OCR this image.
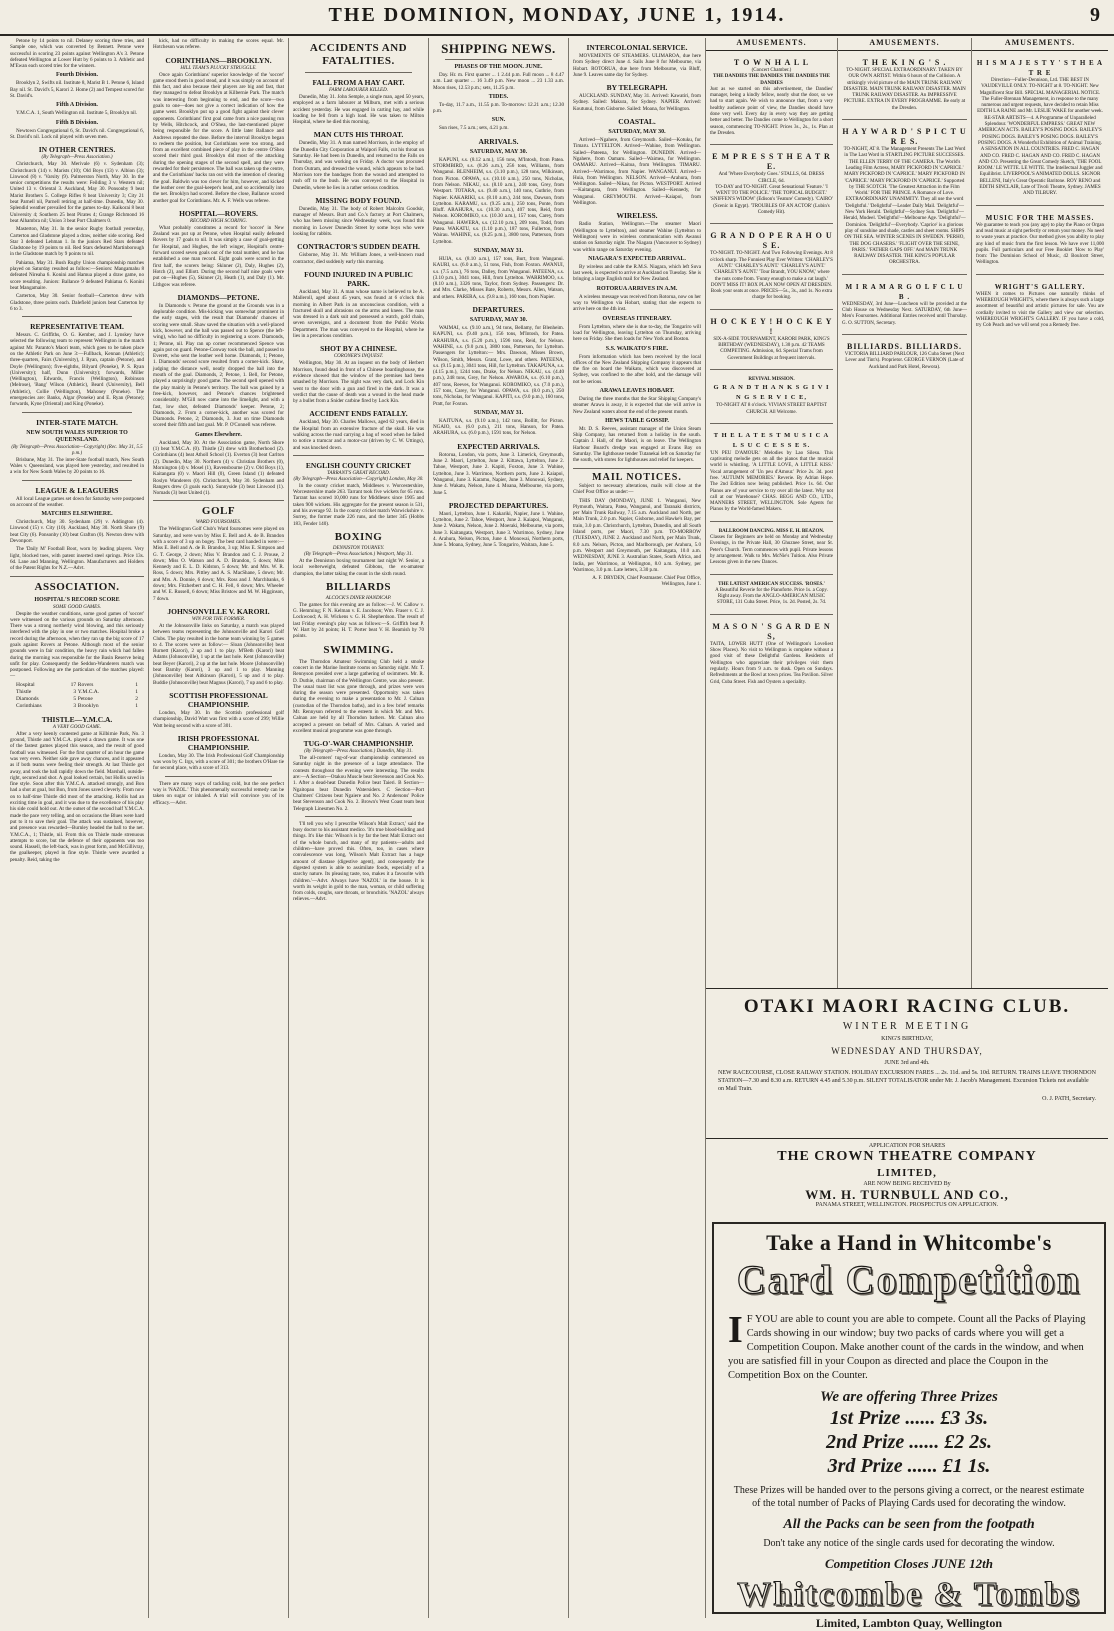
THE DOMINION, MONDAY, JUNE 1, 1914.	9
Petone by 14 points to nil. Delaney scoring three tries, and Sample one, which was converted by Bennett. Petone were successful in scoring 23 points against Wellington A's 3. Petone defeated Wellington at Lower Hutt by 6 points to 3. Athletic and M'Ewan each scored tries for the winners.
Fourth Division.
Brooklyn 2, Swifts nil. Institute 8, Marist B 1. Petone 6, Island Bay nil. St. David's 5, Karori 2. Home (2) and Tempest scored for St. David's.
Fifth A Division.
Y.M.C.A. 1, South Wellington nil. Institute 5, Brooklyn nil.
Fifth B Division.
Newtown Congregational 6, St. David's nil. Congregational 6, St. David's nil. Lock nil played with seven men.
IN OTHER CENTRES.
(By Telegraph—Press Association.)
Christchurch, May 30. Merivale (6) v. Sydenham (3); Christchurch (14) v. Marists (10); Old Boys (13) v. Albion (3); Linwood (8) v. 'Varsity (9). Palmerston North, May 30. In the senior competitions the results were: Feilding 3 v. Western nil; United 13 v. Oriental 3. Auckland, May 30. Ponsonby 9 beat Marist Brothers 5. College Rifles 8 beat University 3; City 21 beat Parnell nil, Parnell retiring at half-time. Dunedin, May 30. Splendid weather prevailed for the games to-day. Kaikorai 8 beat University 4; Southern 25 beat Pirates 4; Grange Richmond 16 beat Alhambra nil; Union 3 beat Port Chalmers 0.
Masterton, May 31. In the senior Rugby football yesterday, Carterton and Gladstone played a draw, neither side scoring. Red Star 3 defeated Lehman 1. In the juniors Red Stars defeated Gladstone by 19 points to nil. Red Stars defeated Martinborough in the Gladstone match by 9 points to nil.
Pahiatua, May 31. Bush Rugby Union championship matches played on Saturday resulted as follow:—Seniors: Mangamahu 8 defeated Nireaha 6. Konini and Hamua played a draw game, no score resulting. Juniors: Ballance 9 defeated Pahiatua 6. Konini beat Mangamaire.
Carterton, May 30. Senior football—Carterton drew with Gladstone, three points each. Dalefield juniors beat Carterton by 6 to 3.
REPRESENTATIVE TEAM.
Messrs. C. Griffiths, O. G. Kember, and J. Lynskey have selected the following team to represent Wellington in the match against Mr. Paranto's Maori team, which goes to be taken place on the Athletic Park on June 3:—Fullback, Kennan (Athletic); three-quarters, Fairs (University), J. Ryan, captain (Petone), and Doyle (Wellington); five-eighths, Bilyard (Poneke), P. S. Ryan (University); half, Dunn (University); forwards, Miller (Wellington), Edwards, Francis (Wellington), Robinson (Melrose), 'Bang' Wilson (Athletic), Beard (University), Bell (Athletic), Collie (Wellington), Mahoney (Poneke). The emergencies are: Banks, Algar (Poneke) and E. Ryan (Petone); forwards, Kyne (Oriental) and King (Poneke).
INTER-STATE MATCH.
NEW SOUTH WALES SUPERIOR TO QUEENSLAND.
(By Telegraph—Press Association—Copyright) (Rec. May 31, 5.5 p.m.)
Brisbane, May 31. The inter-State football match, New South Wales v. Queensland, was played here yesterday, and resulted in a win for New South Wales by 20 points to 16.
LEAGUE & LEAGUERS
All local League games set down for Saturday were postponed on account of the weather.
MATCHES ELSEWHERE.
Christchurch, May 30. Sydenham (29) v. Addington (4). Linwood (15) v. City (10). Auckland, May 30. North Shore (9) beat City (6). Ponsonby (10) beat Grafton (0). Newton drew with Devonport.
The 'Daily M' Football Boot, worn by leading players. Very light, blocked toes, with patent inserted steel springs. Price 13s. 6d. Lane and Manning, Wellington. Manufacturers and Holders of the Patent Rights for N.Z.—Advt.
ASSOCIATION.
HOSPITAL'S RECORD SCORE
SOME GOOD GAMES.
Despite the weather conditions, some good games of 'soccer' were witnessed on the various grounds on Saturday afternoon. There was a strong northerly wind blowing, and this seriously interfered with the play in one or two matches. Hospital broke a record during the afternoon, when they ran up the big score of 17 goals against Rovers at Petone. Although most of the senior grounds were in fair condition, the heavy rain which had fallen during the morning was responsible for the Basin Reserve being unfit for play. Consequently the Seddon-Wanderers match was postponed. Following are the particulars of the matches played:—
Hospital	17 Rovers	1
Thistle	3 Y.M.C.A.	1
Diamonds	5 Petone	2
Corinthians	3 Brooklyn	1
THISTLE—Y.M.C.A.
A VERY GOOD GAME.
After a very keenly contested game at Kilbirnie Park, No. 3 ground, Thistle and Y.M.C.A. played a drawn game. It was one of the fastest games played this season, and the result of good football was witnessed. For the first quarter of an hour the game was very even. Neither side gave away chances, and it appeared as if both teams were feeling their strength. At last Thistle got away, and took the ball rapidly down the field. Marshall, outside-right, secured and shot. A goal looked certain, but Hollis saved in fine style. Soon after this Y.M.C.A. attacked strongly, and Bon had a shot at goal, but Bon, from Jones saved cleverly. From now on to half-time Thistle did most of the attacking. Hollis had an exciting time in goal, and it was due to the excellence of his play his side could hold out. At the outset of the second half Y.M.C.A. made the pace very telling, and on occasions the Blues were hard put to it to save their goal. The attack was sustained, however, and presence was rewarded—Burnley headed the ball to the net. Y.M.C.A., 1; Thistle, nil. From this on Thistle made strenuous attempts to score, but the defence of their opponents was too sound. Hassell, the left-back, was in great form, and McGillivray, the goalkeeper, played in fine style. Thistle were awarded a penalty. Reid, taking the
kick, had no difficulty in making the scores equal. Mr. Hotcheson was referee.
CORINTHIANS—BROOKLYN.
HILL TEAM'S PLUCKY STRUGGLE.
Once again Corinthians' superior knowledge of the 'soccer' game stood them in good stead, and it was simply on account of this fact, and also because their players are big and fast, that they managed to defeat Brooklyn at Kilbernie Park. The match was interesting from beginning to end, and the score—two goals to one—does not give a correct indication of how the game went. Brooklyn put up a good fight against their clever opponents. Corinthians' first goal came from a nice passing run by Wells, Hitchcock, and O'Shea, the last-mentioned player being responsible for the score. A little later Ballance and Andrews repeated the dose. Before the interval Brooklyn began to redeem the position, but Corinthians were too strong, and from an excellent combined piece of play in the centre O'Shea scored their third goal. Brooklyn did most of the attacking during the opening stages of the second spell, and they were rewarded for their persistence. The ball was taken up the centre, and the Corinthians' backs ran out with the intention of clearing the goal. Baldwin was too clever for him, however, and kicked the leather over the goal-keeper's head, and so accidentally into the net. Brooklyn had scored. Before the close, Ballance scored another goal for Corinthians. Mr. A. F. Wells was referee.
HOSPITAL—ROVERS.
RECORD HIGH SCORING.
What probably constitutes a record for 'soccer' in New Zealand was put up at Petone, when Hospital easily defeated Rovers by 17 goals to nil. It was simply a case of goal-getting for Hospital, and Hughes, the left winger, Hospital's centre-forward scored seven goals out of the total number, and he has established a one man record. Eight goals were scored in the first half, the scorers being: Skinner (2), Daly, Hughes (2), Hotch (2), and Elliott. During the second half nine goals were put on—Hughes (5), Skinner (2), Heath (1), and Daly (1). Mr. Lithgow was referee.
DIAMONDS—PETONE.
In Diamonds v. Petone the ground at the Grounds was in a deplorable condition. Mis-kicking was somewhat prominent in the early stages, with the result that Diamonds' chances of scoring were small. Shaw saved the situation with a well-placed kick, however, and the ball was passed out to Spence (the left-wing), who had no difficulty in registering a score. Diamonds, 1; Petone, nil. Play ran up corner recommenced Spence was again put on guard. Petone-Conway took the ball, and passed to Everett, who sent the leather well home. Diamonds, 1; Petone, 1. Diamonds' second score resulted from a corner-kick. Shaw, judging the distance well, neatly dropped the ball into the mouth of the goal. Diamonds, 2; Petone, 1. Bell, for Petone, played a surprisingly good game. The second spell opened with the play mainly in Petone's territory. The ball was gained by a free-kick, however, and Petone's chances brightened considerably. M'Gill now came into the limelight, and with a fast, low shot, defeated Diamonds' keeper. Petone, 2; Diamonds, 2. From a corner-kick, another was scored for Diamonds. Petone, 2; Diamonds, 3. Just on time Diamonds scored their fifth and last goal. Mr. P. O'Connell was referee.
Games Elsewhere.
Auckland, May 30. At the Association game, North Shore (1) beat Y.M.C.A. (0). Thistle (2) drew with Brotherhood (2). Corinthians (4) beat Atholl School (1). Everton (3) beat Carlton (2). Dunedin, May 30. Northern (4) v. Christian Brothers (0), Mornington (4) v. Mosel (1), Ravensbourne (2) v. Old Boys (1), Kaitangata (0) v. Maori Hill (0), Green Island (1) defeated Roslyn Wanderers (0). Christchurch, May 30. Sydenham and Rangers drew (3 goals each). Sunnyside (3) beat Linwood (1). Nomads (3) beat United (1).
GOLF
WARD FOURSOMES.
The Wellington Golf Club's Ward foursomes were played on Saturday, and were won by Miss E. Bell and A. de B. Brandon with a score of 3 up on bogey. The best card handed in were:—Miss E. Bell and A. de B. Brandon, 3 up; Miss E. Simpson and G. T. George, 2 down; Miss V. Brandon and C. J. Prouse, 2 down; Miss O. Watson and A. D. Brandon, 5 down; Miss Kennedy and E. L. D. Kidston, 5 down; Mr. and Mrs. W. R. Ross, 5 down; Mrs. Pittley and A. S. MacShane, 5 down; Mr. and Mrs. A. Donnie, 6 down; Mrs. Ross and J. Marchbanks, 6 down; Mrs. Fitzherbert and C. H. Fell, 6 down; Mrs. Wheeler and W. E. Russell, 6 down; Miss Bristow and M. W. Higginson, 7 down.
JOHNSONVILLE V. KARORI.
WIN FOR THE FORMER.
At the Johnsonville links on Saturday, a match was played between teams representing the Johnsonville and Karori Golf Clubs. The play resulted in the home team winning by 5 games to 4. The scores were as follow:— Sloan (Johnsonville) beat Burnett (Karori), 2 up and 1 to play. M'Beth (Karori) beat Adams (Johnsonville), 1 up at the last hole. Kent (Johnsonville) beat Beyer (Karori), 2 up at the last hole. Moore (Johnsonville) beat Barnby (Karori), 3 up and 1 to play. Manning (Johnsonville) beat Aitkinson (Karori), 5 up and 4 to play. Buddie (Johnsonville) beat Magnus (Karori), 7 up and 6 to play.
SCOTTISH PROFESSIONAL CHAMPIONSHIP.
London, May 30. In the Scottish professional golf championship, David Watt was first with a score of 299; Willie Watt being second with a score of 301.
IRISH PROFESSIONAL CHAMPIONSHIP.
London, May 30. The Irish Professional Golf Championship was won by C. Irgs, with a score of 301; the brothers O'Hare tie for second place, with a score of 313.
There are many ways of tackling cold, but the one perfect way is 'NAZOL.' This phenomenally successful remedy can be taken on sugar or inhaled. A trial will convince you of its efficacy.—Advt.
ACCIDENTS AND FATALITIES.
FALL FROM A HAY CART.
FARM LABOURER KILLED.
Dunedin, May 31. John Semple, a single man, aged 50 years, employed as a farm labourer at Milburn, met with a serious accident yesterday. He was engaged in carting hay, and while loading he fell from a high load. He was taken to Milton Hospital, where he died this morning.
MAN CUTS HIS THROAT.
Dunedin, May 31. A man named Morrison, in the employ of the Dunedin City Corporation at Waipori Falls, cut his throat on Saturday. He had been in Dunedin, and returned to the Falls on Thursday, and was working on Friday. A doctor was procured from Outram, and dressed the wound, which appears to be bad. Morrison tore the bandages from the wound and attempted to rush off to the bush. He was conveyed to the Hospital in Dunedin, where he lies in a rather serious condition.
MISSING BODY FOUND.
Dunedin, May 31. The body of Robert Malcolm Goodsir, manager of Messrs. Burt and Co.'s factory at Port Chalmers, who has been missing since Wednesday week, was found this morning in Lower Dunedin Street by some boys who were looking for rabbits.
CONTRACTOR'S SUDDEN DEATH.
Gisborne, May 31. Mr. William Jones, a well-known road contractor, died suddenly early this morning.
FOUND INJURED IN A PUBLIC PARK.
Auckland, May 31. A man whose name is believed to be A. Malleroll, aged about 45 years, was found at 6 o'clock this morning in Albert Park in an unconscious condition, with a fractured skull and abrasions on the arms and knees. The man was dressed in a dark suit and possessed a watch, gold chain, seven sovereigns, and a document from the Public Works Department. The man was conveyed to the Hospital, where he lies in a precarious condition.
SHOT BY A CHINESE.
CORONER'S INQUEST.
Wellington, May 30. At an inquest on the body of Herbert Morrison, found dead in front of a Chinese boardinghouse, the evidence showed that the window of the premises had been smashed by Morrison. The night was very dark, and Lock Kin went to the door with a gun and fired in the dark. It was a verdict that the cause of death was a wound in the head made by a bullet from a Snider carbine fired by Lock Kin.
ACCIDENT ENDS FATALLY.
Auckland, May 30. Charles Mallows, aged 62 years, died in the Hospital from an extensive fracture of the skull. He was walking across the road carrying a bag of wood when he failed to notice a tramcar and a motor-car (driven by C. W. Uttings), and was knocked down.
ENGLISH COUNTY CRICKET
TARRANT'S GREAT RECORD.
(By Telegraph—Press Association—Copyright) London, May 30.
In the county cricket match, Middlesex v. Worcestershire, Worcestershire made 263. Tarrant took five wickets for 65 runs. Tarrant has scored 10,000 runs for Middlesex since 1905 and taken 900 wickets. His aggregate for the present season is 531, and his average 92. In the county cricket match Warwickshire v. Surrey, the former made 226 runs, and the latter 345 (Hobbs 183, Fender 140).
BOXING
DENNISTON TOURNEY.
(By Telegraph—Press Association.) Westport, May 31.
At the Denniston boxing tournament last night W. Senior, a local welterweight, defeated Gibbons, the ex-amateur champion, the latter taking the count in the sixth round.
BILLIARDS
ALCOCK'S DINER HANDICAP.
The games for this evening are as follow:—J. W. Callow v. G. Hemming; F. N. Kelman v. E. Jacobson; Wm. Fraser v. C. J. Lockwood; A. H. Wickens v. G. H. Shepherdson. The result of last Friday evening's play was as follows:—S. Griffith beat P. W. Hart by 24 points; H. T. Porter beat V. H. Beamish by 70 points.
SWIMMING.
The Thorndon Amateur Swimming Club held a smoke concert in the Marine Institute rooms on Saturday night. Mr. T. Rennyson presided over a large gathering of swimmers. Mr. R. D. Duthie, chairman of the Wellington Centre, was also present. The usual toast list was gone through, and prizes were won during the season were presented. Opportunity was taken during the evening to make a presentation to Mr. J. Calnan (custodian of the Thorndon baths), and in a few brief remarks Mr. Rennyson referred to the esteem in which Mr. and Mrs. Calnan are held by all Thorndon bathers. Mr. Calnan also accepted a present on behalf of Mrs. Calnan. A varied and excellent musical programme was gone through.
TUG-O'-WAR CHAMPIONSHIP.
(By Telegraph—Press Association.) Dunedin, May 31.
The all-comers' tug-of-war championship commenced on Saturday night in the presence of a large attendance. The contests throughout the evening were interesting. The results are:—A Section—Otakou Muscle beat Stevenson and Cook No. 1. After a dead-heat Dunedin Police beat Taieri. B Section—Ngaitopau beat Dunedin Watersiders. C Section—Port Chalmers' Citizens beat Ngaiere and No. 2 Andersons' Police beat Stevenson and Cook No. 2. Brown's West Coast team beat Telegraph Linesmen No. 2.
'I'll tell you why I prescribe Wilson's Malt Extract,' said the busy doctor to his assistant medico. 'It's true blood-building and things. It's like this: Wilson's is by far the best Malt Extract out of the whole bunch, and many of my patients—adults and children—have proved this. Often, too, in cases where convalescence was long, Wilson's Malt Extract has a huge amount of diastase (digestive agent), and consequently the digested system is able to assimilate foods, especially of a starchy nature. Its pleasing taste, too, makes it a favourite with children.'—Advt. Always have 'NAZOL' in the house. It is worth its weight in gold to the man, woman, or child suffering from colds, coughs, sore throats, or bronchitis. 'NAZOL' always relieves.—Advt.
SHIPPING NEWS.
PHASES OF THE MOON. JUNE.
Day. Hr. m. First quarter ... 1 2.44 p.m. Full moon ... 8 4.47 a.m. Last quarter ... 16 3.49 p.m. New moon ... 23 1.33 a.m. Moon rises, 12.53 p.m.; sets, 11.25 p.m.
TIDES.
To-day, 11.7 a.m., 11.55 p.m. To-morrow: 12.21 a.m.; 12.30 p.m.
SUN.
Sun rises, 7.5 a.m.; sets, 4.21 p.m.
ARRIVALS.
SATURDAY, MAY 30.
KAPUNI, s.s. (8.12 a.m.), 156 tons, M'Intosh, from Patea. STORMBIRD, s.s. (8.26 a.m.), 256 tons, Williams, from Wanganui. BLENHEIM, s.s. (3.10 p.m.), 128 tons, Wilkinson, from Picton. OPAWA, s.s. (10.10 a.m.), 250 tons, Nicholas, from Nelson. NIKAU, s.s. (8.10 a.m.), 240 tons, Grey, from Westport. TOTARA, s.s. (9.40 a.m.), 140 tons, Guthrie, from Napier. KAKARIKI, s.s. (8.10 a.m.), 244 tons, Dawson, from Lyttelton. KARAMU, s.s. (9.25 a.m.), 250 tons, Ponte, from Bluff. ARAHURA, s.s. (10.30 a.m.), 407 tons, Reid, from Nelson. KOROMIKO, s.s. (10.30 a.m.), 157 tons, Carey, from Wanganui. HAWERA, s.s. (12.10 p.m.), 209 tons, Todd, from Patea. WAKATU, s.s. (1.10 p.m.), 187 tons, Fullerton, from Wairau. WAHINE, s.s. (8.25 p.m.), 3800 tons, Patterson, from Lyttelton.
SUNDAY, MAY 31.
HUIA, s.s. (8.10 a.m.), 157 tons, Burt, from Wanganui. KAURI, s.s. (6.0 a.m.), 51 tons, Fish, from Foxton. AWANUI, s.s. (7.5 a.m.), 76 tons, Dalley, from Wanganui. PATEENA, s.s. (3.10 p.m.), 3041 tons, Hill, from Lyttelton. WARRIMOO, s.s. (8.10 a.m.), 3326 tons, Taylor, from Sydney. Passengers: Dr. and Mrs. Clarke, Misses Bate, Roberts, Messrs. Allen, Watson, and others. PARERA, s.s. (9.8 a.m.), 160 tons, from Napier.
DEPARTURES.
SATURDAY, MAY 30.
WAIMAI, s.s. (9.10 a.m.), 94 tons, Bellamy, for Blenheim. KAPUNI, s.s. (9.40 p.m.), 156 tons, M'Intosh, for Patea. ARAHURA, s.s. (5.20 p.m.), 1596 tons, Reid, for Nelson. WAHINE, s.s. (9.0 p.m.), 3800 tons, Patterson, for Lyttelton. Passengers for Lyttelton:— Mrs. Dawson, Misses Brown, Wilson, Smith, Messrs. Grant, Lowe, and others. PATEENA, s.s. (9.15 p.m.), 3041 tons, Hill, for Lyttelton. TAKAPUNA, s.s. (4.15 p.m.), 1244 tons, Drake, for Nelson. NIKAU, s.s. (4.40 p.m.), 248 tons, Grey, for Nelson. AWAROA, s.s. (6.10 p.m.), 407 tons, Reeves, for Wanganui. KOROMIKO, s.s. (7.0 p.m.), 157 tons, Carey, for Wanganui. OPAWA, s.s. (8.0 p.m.), 250 tons, Nicholas, for Wanganui. KAPITI, s.s. (9.0 p.m.), 160 tons, Pratt, for Foxton.
SUNDAY, MAY 31.
KAITUNA, s.s. (9.10 a.m.), 142 tons, Bollitt, for Picton. NGAIO, s.s. (6.0 p.m.), 211 tons, Hanson, for Patea. ARAHURA, s.s. (6.0 p.m.), 1591 tons, for Nelson.
EXPECTED ARRIVALS.
Rotorua, London, via ports, June 3. Limerick, Greymouth, June 2. Maori, Lyttelton, June 2. Kittawa, Lyttelton, June 2. Tahoe, Westport, June 2. Kapiti, Foxton, June 3. Wahine, Lyttelton, June 3. Warrimoo, Northern ports, June 2. Kaiapoi, Wanganui, June 3. Karamu, Napier, June 3. Monowai, Sydney, June 4. Wakatu, Nelson, June 4. Moana, Melbourne, via ports, June 5.
PROJECTED DEPARTURES.
Maori, Lyttelton, June 1. Kakariki, Napier, June 1. Wahine, Lyttelton, June 2. Tahoe, Westport, June 2. Kaiapoi, Wanganui, June 2. Wakatu, Nelson, June 2. Moeraki, Melbourne, via ports, June 3. Kaitangata, Westport, June 3. Warrimoo, Sydney, June 4. Arahura, Nelson, Picton, June 4. Monowai, Northern ports, June 5. Moana, Sydney, June 5. Tongariro, Waitara, June 5.
INTERCOLONIAL SERVICE.
MOVEMENTS OF STEAMERS. ULIMAROA, due here from Sydney direct June 4. Sails June 8 for Melbourne, via Hobart. ROTORUA, due here from Melbourne, via Bluff, June 9. Leaves same day for Sydney.
BY TELEGRAPH.
AUCKLAND. SUNDAY, May 31. Arrived: Kawatiri, from Sydney. Sailed: Makura, for Sydney. NAPIER. Arrived: Koutunui, from Gisborne. Sailed: Moana, for Wellington.
COASTAL.
SATURDAY, MAY 30.
Arrived—Ngahere, from Greymouth. Sailed—Kotuku, for Timaru. LYTTELTON. Arrived—Wahine, from Wellington. Sailed—Pateena, for Wellington. DUNEDIN. Arrived—Ngahere, from Oamaru. Sailed—Waimea, for Wellington. OAMARU. Arrived—Kaitoa, from Wellington. TIMARU. Arrived—Warrimoo, from Napier. WANGANUI. Arrived—Huia, from Wellington. NELSON. Arrived—Arahura, from Wellington. Sailed—Nikau, for Picton. WESTPORT. Arrived—Kaitangata, from Wellington. Sailed—Kennedy, for Wanganui. GREYMOUTH. Arrived—Kaiapoi, from Wellington.
WIRELESS.
Radio Station, Wellington.—The steamer Maori (Wellington to Lyttelton), and steamer Wahine (Lyttelton to Wellington) were in wireless communication with Awanui station on Saturday night. The Niagara (Vancouver to Sydney) was within range on Saturday evening.
NIAGARA'S EXPECTED ARRIVAL.
By wireless and cable the R.M.S. Niagara, which left Suva last week, is expected to arrive at Auckland on Tuesday. She is bringing a large English mail for New Zealand.
ROTORUA ARRIVES IN A.M.
A wireless message was received from Rotorua, now on her way to Wellington via Hobart, stating that she expects to arrive here on the 4th inst.
OVERSEAS ITINERARY.
From Lyttelton, where she is due to-day, the Tongariro will load for Wellington, leaving Lyttelton on Thursday, arriving here on Friday. She then loads for New York and Boston.
S.S. WAIKATO'S FIRE.
From information which has been received by the local offices of the New Zealand Shipping Company it appears that the fire on board the Waikato, which was discovered at Sydney, was confined to the after hold, and the damage will not be serious.
ARAWA LEAVES HOBART.
During the three months that the Star Shipping Company's steamer Arawa is away, it is expected that she will arrive in New Zealand waters about the end of the present month.
HEWS TABLE GOSSIP.
Mr. D. S. Reeves, assistant manager of the Union Steam Ship Company, has returned from a holiday in the south. Captain J. Hall, of the Maori, is on leave. The Wellington Harbour Board's dredge was engaged at Evans Bay on Saturday. The lighthouse tender Tutanekai left on Saturday for the south, with stores for lighthouses and relief for keepers.
MAIL NOTICES.
Subject to necessary alterations, mails will close at the Chief Post Office as under:—
THIS DAY (MONDAY), JUNE 1. Wanganui, New Plymouth, Waitara, Patea, Wanganui, and Taranaki districts, per Main Trunk Railway, 7.15 a.m. Auckland and North, per Main Trunk, 2.0 p.m. Napier, Gisborne, and Hawke's Bay, per train, 3.0 p.m. Christchurch, Lyttelton, Dunedin, and all South Island ports, per Maori, 7.30 p.m. TO-MORROW (TUESDAY), JUNE 2. Auckland and North, per Main Trunk, 8.0 a.m. Nelson, Picton, and Marlborough, per Arahura, 5.0 p.m. Westport and Greymouth, per Kaitangata, 10.0 a.m. WEDNESDAY, JUNE 3. Australian States, South Africa, and India, per Warrimoo, at Wellington, 8.0 a.m. Sydney, per Warrimoo, 3.0 p.m. Late letters, 3.30 p.m.
A. F. DRYDEN, Chief Postmaster. Chief Post Office, Wellington, June 1.
AMUSEMENTS.
T O W N H A L L
(Concert Chamber.)
THE DANDIES THE DANDIES THE DANDIES THE DANDIES
Just as we started on this advertisement, the Dandies' manager, being a kindly fellow, nearly shut the door, so we had to start again. We wish to announce that, from a very healthy audience point of view, the Dandies should have done very well. Every day in every way they are getting better and better. The Dandies come to Wellington for a short season, commencing TO-NIGHT. Prices 3s., 2s., 1s. Plan at the Dresden.
E M P R E S S T H E A T R E.
And 'Where Everybody Goes.' STALLS, 6d. DRESS CIRCLE, 6d.
TO-DAY and TO-NIGHT. Great Sensational 'Feature.' 'I WENT TO THE POLICE.' 'THE TOPICAL BUDGET.' 'SNIFFEN'S WIDOW' (Edison's 'Feature' Comedy). 'CAIRO' (Scenic in Egypt). 'TROUBLES OF AN ACTOR' (Lubin's Comedy Hit).
G R A N D O P E R A H O U S E.
TO-NIGHT. TO-NIGHT. And Two Following Evenings. At 8 o'clock sharp. The Funniest Play Ever Written: 'CHARLEY'S AUNT.' 'CHARLEY'S AUNT.' 'CHARLEY'S AUNT.' 'CHARLEY'S AUNT.' 'Tour Brandt, YOU KNOW,' where the nuts come from. 'Funny enough to make a cat laugh.' DON'T MISS IT! BOX PLAN NOW OPEN AT DRESDEN. Book your seats at once. PRICES—5s., 3s., and 1s. No extra charge for booking.
H O C K E Y ! H O C K E Y !
SIX-A-SIDE TOURNAMENT, KARORI PARK, KING'S BIRTHDAY (WEDNESDAY), 1.30 p.m. 42 TEAMS COMPETING. Admission, 6d. Special Trams from Government Buildings at frequent intervals.
REVIVAL MISSION.
G R A N D T H A N K S G I V I N G S E R V I C E,
TO-NIGHT AT 8 o'clock. VIVIAN STREET BAPTIST CHURCH. All Welcome.
T H E L A T E S T M U S I C A L S U C C E S S E S.
'UN PEU D'AMOUR.' Melodies by Lao Silesu. This captivating melodie gets on all the pianos that the musical world is whistling. 'A LITTLE LOVE, A LITTLE KISS.' Vocal arrangement of 'Un peu d'Amour.' Price 2s. 3d. post free. 'AUTUMN MEMORIES.' Reverie. By Adrian Hope. The 2nd Edition now being published. Price 1s. 6d. Our Pianos are of your service to try over all the latest. Why not call at our Warehouse? CHAS. BEGG AND CO., LTD., MANNERS STREET, WELLINGTON. Sole Agents for Pianos by the World-famed Makers.
BALLROOM DANCING. MISS E. H. BEAZON.
Classes for Beginners are held on Monday and Wednesday Evenings, in the Private Hall, 30 Ghuznee Street, near St. Peter's Church. Term commences with pupil. Private lessons by arrangement. Walk to Mrs. McNie's Tuition. Also Private Lessons given in the new Dances.
THE LATEST AMERICAN SUCCESS. 'ROSES.'
A Beautiful Reverie for the Pianoforte. Price 1s. a Copy. Right away. From the ANGLO-AMERICAN MUSIC STORE, 131 Cuba Street. Price, 1s. 2d. Posted, 2s. 7d.
M A S O N ' S G A R D E N S,
TAITA, LOWER HUTT (One of Wellington's Loveliest Show Places). No visit to Wellington is complete without a good visit of these Delightful Gardens. Residents of Wellington who appreciate their privileges visit them regularly. Hours from 9 a.m. to dusk. Open on Sundays. Refreshments at the Bowl at town prices. Tea Pavilion. Silver Grid, Cuba Street. Fish and Oysters a speciality.
AMUSEMENTS.
T H E K I N G ' S .
TO-NIGHT. SPECIAL EXTRAORDINARY. TAKEN BY OUR OWN ARTIST. Within 6 hours of the Collision. A strikingly vivid picture of the MAIN TRUNK RAILWAY DISASTER. MAIN TRUNK RAILWAY DISASTER. MAIN TRUNK RAILWAY DISASTER. An IMPRESSIVE PICTURE. EXTRA IN EVERY PROGRAMME. Be early at the Dresden.
H A Y W A R D ' S P I C T U R E S.
TO-NIGHT, AT 8. The Management Presents The Last Word in The Last Word in STARTLING PICTURE SUCCESSES. THE ELLEN TERRY OF THE CAMERA. The World's Leading Film Actress, MARY PICKFORD IN 'CAPRICE.' MARY PICKFORD IN 'CAPRICE.' MARY PICKFORD IN 'CAPRICE.' MARY PICKFORD IN 'CAPRICE.' Supported by THE SCOTCH. 'The Greatest Attraction in the Film World.' FOR THE PRINCE. A Romance of Love. EXTRAORDINARY UNANIMITY. They all use the word 'Delightful.' 'Delightful'—Leader Daily Mail. 'Delightful'—New York Herald. 'Delightful'—Sydney Sun. 'Delightful'—Herald, Mudeel. 'Delightful'—Melbourne Age. 'Delightful'—Dominion. 'Delightful'—Everybody. 'Caprice' is a glorious play of sunshine and shade, castles and sheet rooms. SHIPS ON THE SEA. WINTER SCENES IN SWEDEN. 'PERHO, THE DOG CHASERS.' 'FLIGHT OVER THE SEINE, PARIS.' 'FATHER GAPS OFF.' And MAIN TRUNK RAILWAY DISASTER. THE KING'S POPULAR ORCHESTRA.
M I R A M A R G O L F C L U B .
WEDNESDAY, 3rd June—Luncheon will be provided at the Club House on Wednesday Next. SATURDAY, 6th June—Men's Foursomes. Additional Entries received until Thursday. G. O. SUTTON, Secretary.
BILLIARDS. BILLIARDS.
VICTORIA BILLIARD PARLOUR, 126 Cuba Street (Next Lever and Tint's). Proprietor. GEORGE VERNON (Late of Auckland and Park Hotel, Rewora).
AMUSEMENTS.
H I S M A J E S T Y ' S T H E A T R E
Direction—Fuller-Dennison, Ltd. THE BEST IN VAUDEVILLE ONLY. TO-NIGHT at 8. TO-NIGHT. New Magnificent Star Bill. SPECIAL MANAGERIAL NOTICE. The Fuller-Brennan Management, in response to the many numerous and urgent requests, have decided to retain Miss EDITH LA RAINE and Mr. LESLIE WAKE for another week. RE-STAR ARTISTS—4. A Programme of Unparalleled Splendour. 'WONDERFUL EMPRESS.' GREAT NEW AMERICAN ACTS. BAILEY'S POSING DOGS. BAILEY'S POSING DOGS. BAILEY'S POSING DOGS. BAILEY'S POSING DOGS. A Wonderful Exhibition of Animal Training. A SENSATION IN ALL COUNTRIES. FRED C. HAGAN AND CO. FRED C. HAGAN AND CO. FRED C. HAGAN AND CO. Presenting the Great Comedy Sketch, 'THE FOOL ROOM.' LE WITTE. LE WITTE. The Intellectual Juggler and Equilibrist. LIVERPOOL'S ANIMATED DOLLS. SIGNOR BELLENI, Italy's Great Operatic Baritone. ROY RENO and EDITH SINCLAIR, Late of Tivoli Theatre, Sydney. JAMES AND TILBURY.
MUSIC FOR THE MASSES.
We guarantee to teach you (any age) to play the Piano or Organ and read music at sight perfectly or return your money. No need to waste years at practice. Our method gives you ability to play any kind of music from the first lesson. We have over 11,000 pupils. Full particulars and our Free Booklet 'How to Play' from: The Dominion School of Music, 42 Boulcott Street, Wellington.
WRIGHT'S GALLERY.
WHEN it comes to Pictures one naturally thinks of WHEREOUGH WRIGHT'S, where there is always such a large assortment of beautiful and artistic pictures for sale. You are cordially invited to visit the Gallery and view our selection. WHEREOUGH WRIGHT'S GALLERY. IF you have a cold, try Cob Peach and we will send you a Remedy free.
OTAKI MAORI RACING CLUB.
WINTER MEETING
KING'S BIRTHDAY,
WEDNESDAY AND THURSDAY,
JUNE 3rd and 4th.
NEW RACECOURSE, CLOSE RAILWAY STATION. HOLIDAY EXCURSION FARES ... 2s. 11d. and 5s. 10d. RETURN. TRAINS LEAVE THORNDON STATION—7.30 and 8.30 a.m. RETURN 4.45 and 5.30 p.m. SILENT TOTALISATOR under Mr. J. Jacob's Management. Excursion Tickets not available on Mail Train.
O. J. PATH, Secretary.
APPLICATION FOR SHARES
THE CROWN THEATRE COMPANY
LIMITED,
ARE NOW BEING RECEIVED By
WM. H. TURNBULL AND CO.,
PANAMA STREET, WELLINGTON. PROSPECTUS ON APPLICATION.
Take a Hand in Whitcombe's
Card Competition
I F YOU are able to count you are able to compete. Count all the Packs of Playing Cards showing in our window; buy two packs of cards where you will get a Competition Coupon. Make another count of the cards in the window, and when you are satisfied fill in your Coupon as directed and place the Coupon in the Competition Box on the Counter.
We are offering Three Prizes
1st Prize ...... £3 3s.
2nd Prize ...... £2 2s.
3rd Prize ...... £1 1s.
These Prizes will be handed over to the persons giving a correct, or the nearest estimate of the total number of Packs of Playing Cards used for decorating the window.
All the Packs can be seen from the footpath
Don't take any notice of the single cards used for decorating the window.
Competition Closes JUNE 12th
Whitcombe & Tombs
Limited, Lambton Quay, Wellington
